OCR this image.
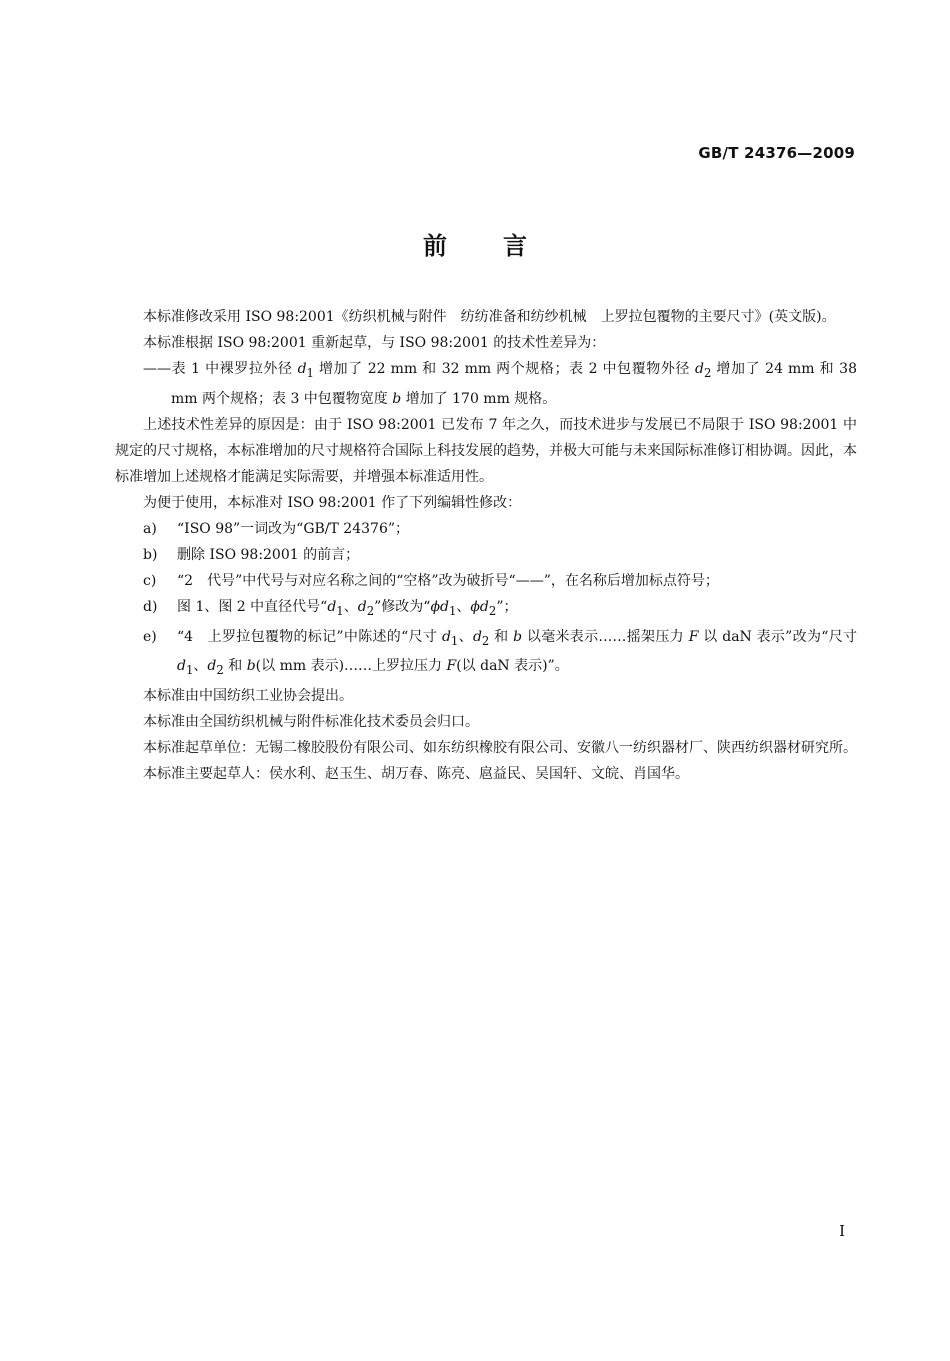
GB/T 24376—2009
前言

本标准修改采用 ISO 98:2001《纺织机械与附件　纺纺准备和纺纱机械　上罗拉包覆物的主要尺寸》(英文版)。

本标准根据 ISO 98:2001 重新起草，与 ISO 98:2001 的技术性差异为：

——表 1 中裸罗拉外径 $d_1$ 增加了 22 mm 和 32 mm 两个规格；表 2 中包覆物外径 $d_2$ 增加了 24 mm 和 38 mm 两个规格；表 3 中包覆物宽度 b 增加了 170 mm 规格。

上述技术性差异的原因是：由于 ISO 98:2001 已发布 7 年之久，而技术进步与发展已不局限于 ISO 98:2001 中规定的尺寸规格，本标准增加的尺寸规格符合国际上科技发展的趋势，并极大可能与未来国际标准修订相协调。因此，本标准增加上述规格才能满足实际需要，并增强本标准适用性。

为便于使用，本标准对 ISO 98:2001 作了下列编辑性修改：

a)	“ISO 98”一词改为“GB/T 24376”；
b)	删除 ISO 98:2001 的前言；
c)	“2　代号”中代号与对应名称之间的“空格”改为破折号“——”，在名称后增加标点符号；
d)	图 1、图 2 中直径代号“$d_1$、$d_2$”修改为“$\phi d_1$、$\phi d_2$”；
e)	“4　上罗拉包覆物的标记”中陈述的“尺寸 $d_1$、$d_2$ 和 b 以毫米表示……摇架压力 F 以 daN 表示”改为“尺寸 $d_1$、$d_2$ 和 b(以 mm 表示)……上罗拉压力 F(以 daN 表示)”。

本标准由中国纺织工业协会提出。

本标准由全国纺织机械与附件标准化技术委员会归口。

本标准起草单位：无锡二橡胶股份有限公司、如东纺织橡胶有限公司、安徽八一纺织器材厂、陕西纺织器材研究所。

本标准主要起草人：侯水利、赵玉生、胡万春、陈亮、扈益民、吴国轩、文皖、肖国华。

I
